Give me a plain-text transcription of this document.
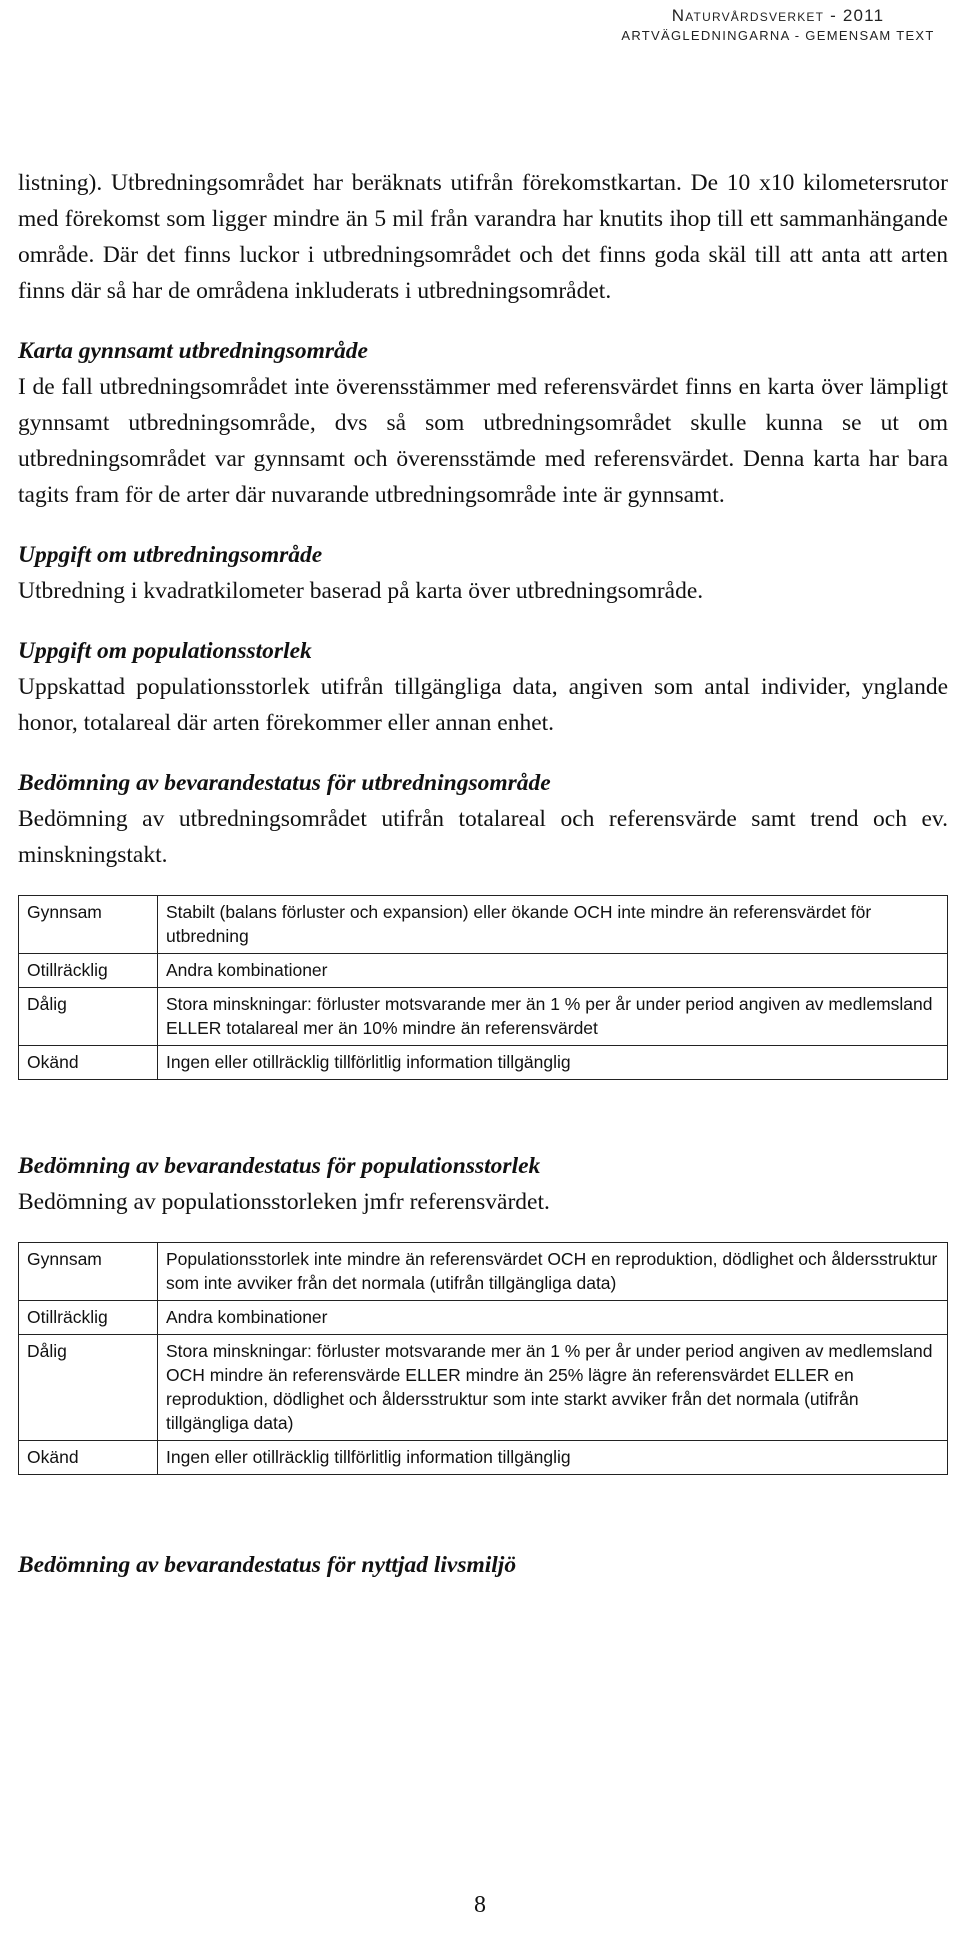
Naturvårdsverket - 2011
ARTVÄGLEDNINGARNA - GEMENSAM TEXT

listning). Utbredningsområdet har beräknats utifrån förekomstkartan. De 10 x10 kilometersrutor med förekomst som ligger mindre än 5 mil från varandra har knutits ihop till ett sammanhängande område. Där det finns luckor i utbredningsområdet och det finns goda skäl till att anta att arten finns där så har de områdena inkluderats i utbredningsområdet.

Karta gynnsamt utbredningsområde

I de fall utbredningsområdet inte överensstämmer med referensvärdet finns en karta över lämpligt gynnsamt utbredningsområde, dvs så som utbredningsområdet skulle kunna se ut om utbredningsområdet var gynnsamt och överensstämde med referensvärdet. Denna karta har bara tagits fram för de arter där nuvarande utbredningsområde inte är gynnsamt.

Uppgift om utbredningsområde

Utbredning i kvadratkilometer baserad på karta över utbredningsområde.

Uppgift om populationsstorlek

Uppskattad populationsstorlek utifrån tillgängliga data, angiven som antal individer, ynglande honor, totalareal där arten förekommer eller annan enhet.

Bedömning av bevarandestatus för utbredningsområde

Bedömning av utbredningsområdet utifrån totalareal och referensvärde samt trend och ev. minskningstakt.

Gynnsam	Stabilt (balans förluster och expansion) eller ökande OCH inte mindre än referensvärdet för utbredning
Otillräcklig	Andra kombinationer
Dålig	Stora minskningar: förluster motsvarande mer än 1 % per år under period angiven av medlemsland ELLER totalareal mer än 10% mindre än referensvärdet
Okänd	Ingen eller otillräcklig tillförlitlig information tillgänglig
Bedömning av bevarandestatus för populationsstorlek

Bedömning av populationsstorleken jmfr referensvärdet.

Gynnsam	Populationsstorlek inte mindre än referensvärdet OCH en reproduktion, dödlighet och åldersstruktur som inte avviker från det normala (utifrån tillgängliga data)
Otillräcklig	Andra kombinationer
Dålig	Stora minskningar: förluster motsvarande mer än 1 % per år under period angiven av medlemsland OCH mindre än referensvärde ELLER mindre än 25% lägre än referensvärdet ELLER en reproduktion, dödlighet och åldersstruktur som inte starkt avviker från det normala (utifrån tillgängliga data)
Okänd	Ingen eller otillräcklig tillförlitlig information tillgänglig
Bedömning av bevarandestatus för nyttjad livsmiljö
8
